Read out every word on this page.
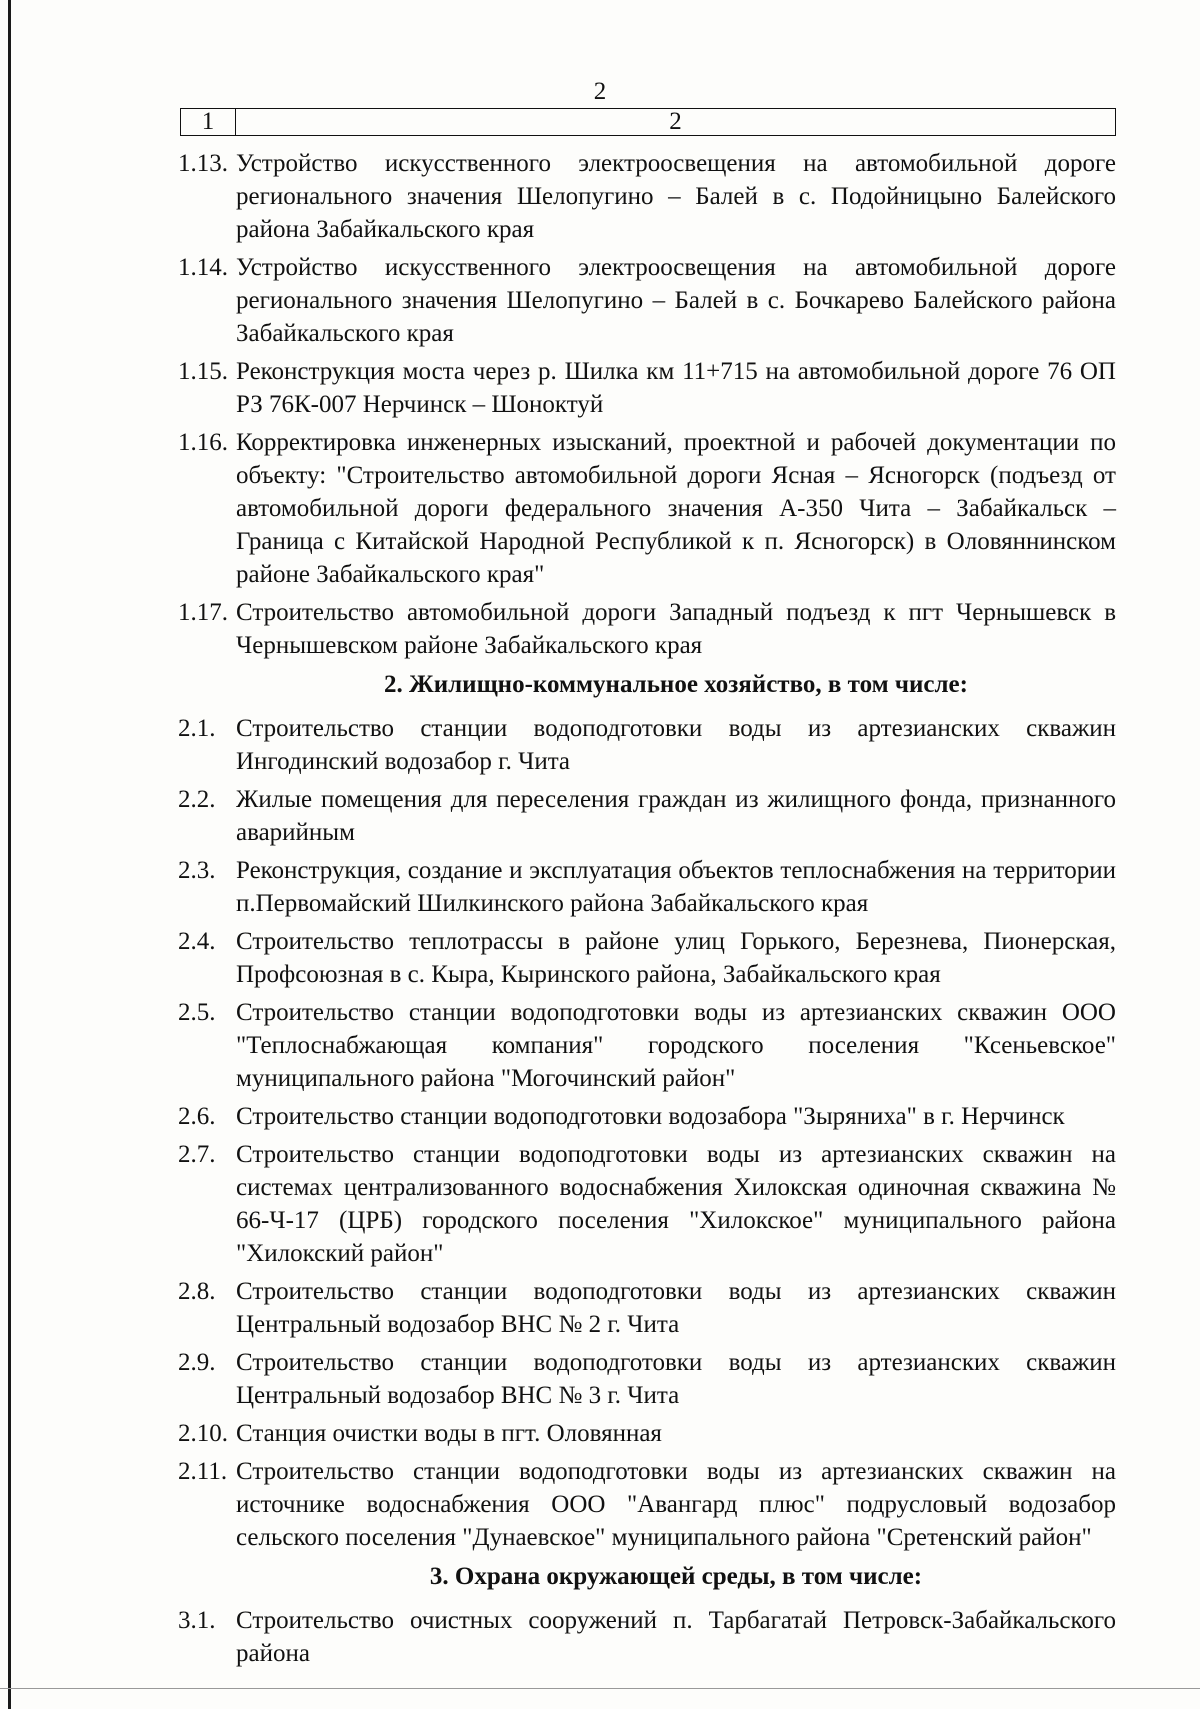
2
1	2
1.13. Устройство искусственного электроосвещения на автомобильной дороге регионального значения Шелопугино – Балей в с. Подойницыно Балейского района Забайкальского края
1.14. Устройство искусственного электроосвещения на автомобильной дороге регионального значения Шелопугино – Балей в с. Бочкарево Балейского района Забайкальского края
1.15. Реконструкция моста через р. Шилка км 11+715 на автомобильной дороге 76 ОП РЗ 76К-007 Нерчинск – Шоноктуй
1.16. Корректировка инженерных изысканий, проектной и рабочей документации по объекту: "Строительство автомобильной дороги Ясная – Ясногорск (подъезд от автомобильной дороги федерального значения А-350 Чита – Забайкальск – Граница с Китайской Народной Республикой к п. Ясногорск) в Оловяннинском районе Забайкальского края"
1.17. Строительство автомобильной дороги Западный подъезд к пгт Чернышевск в Чернышевском районе Забайкальского края
2. Жилищно-коммунальное хозяйство, в том числе:
2.1. Строительство станции водоподготовки воды из артезианских скважин Ингодинский водозабор г. Чита
2.2. Жилые помещения для переселения граждан из жилищного фонда, признанного аварийным
2.3. Реконструкция, создание и эксплуатация объектов теплоснабжения на территории п.Первомайский Шилкинского района Забайкальского края
2.4. Строительство теплотрассы в районе улиц Горького, Березнева, Пионерская, Профсоюзная в с. Кыра, Кыринского района, Забайкальского края
2.5. Строительство станции водоподготовки воды из артезианских скважин ООО "Теплоснабжающая компания" городского поселения "Ксеньевское" муниципального района "Могочинский район"
2.6. Строительство станции водоподготовки водозабора "Зыряниха" в г. Нерчинск
2.7. Строительство станции водоподготовки воды из артезианских скважин на системах централизованного водоснабжения Хилокская одиночная скважина № 66-Ч-17 (ЦРБ) городского поселения "Хилокское" муниципального района "Хилокский район"
2.8. Строительство станции водоподготовки воды из артезианских скважин Центральный водозабор ВНС № 2 г. Чита
2.9. Строительство станции водоподготовки воды из артезианских скважин Центральный водозабор ВНС № 3 г. Чита
2.10. Станция очистки воды в пгт. Оловянная
2.11. Строительство станции водоподготовки воды из артезианских скважин на источнике водоснабжения ООО "Авангард плюс" подрусловый водозабор сельского поселения "Дунаевское" муниципального района "Сретенский район"
3. Охрана окружающей среды, в том числе:
3.1. Строительство очистных сооружений п. Тарбагатай Петровск-Забайкальского района
